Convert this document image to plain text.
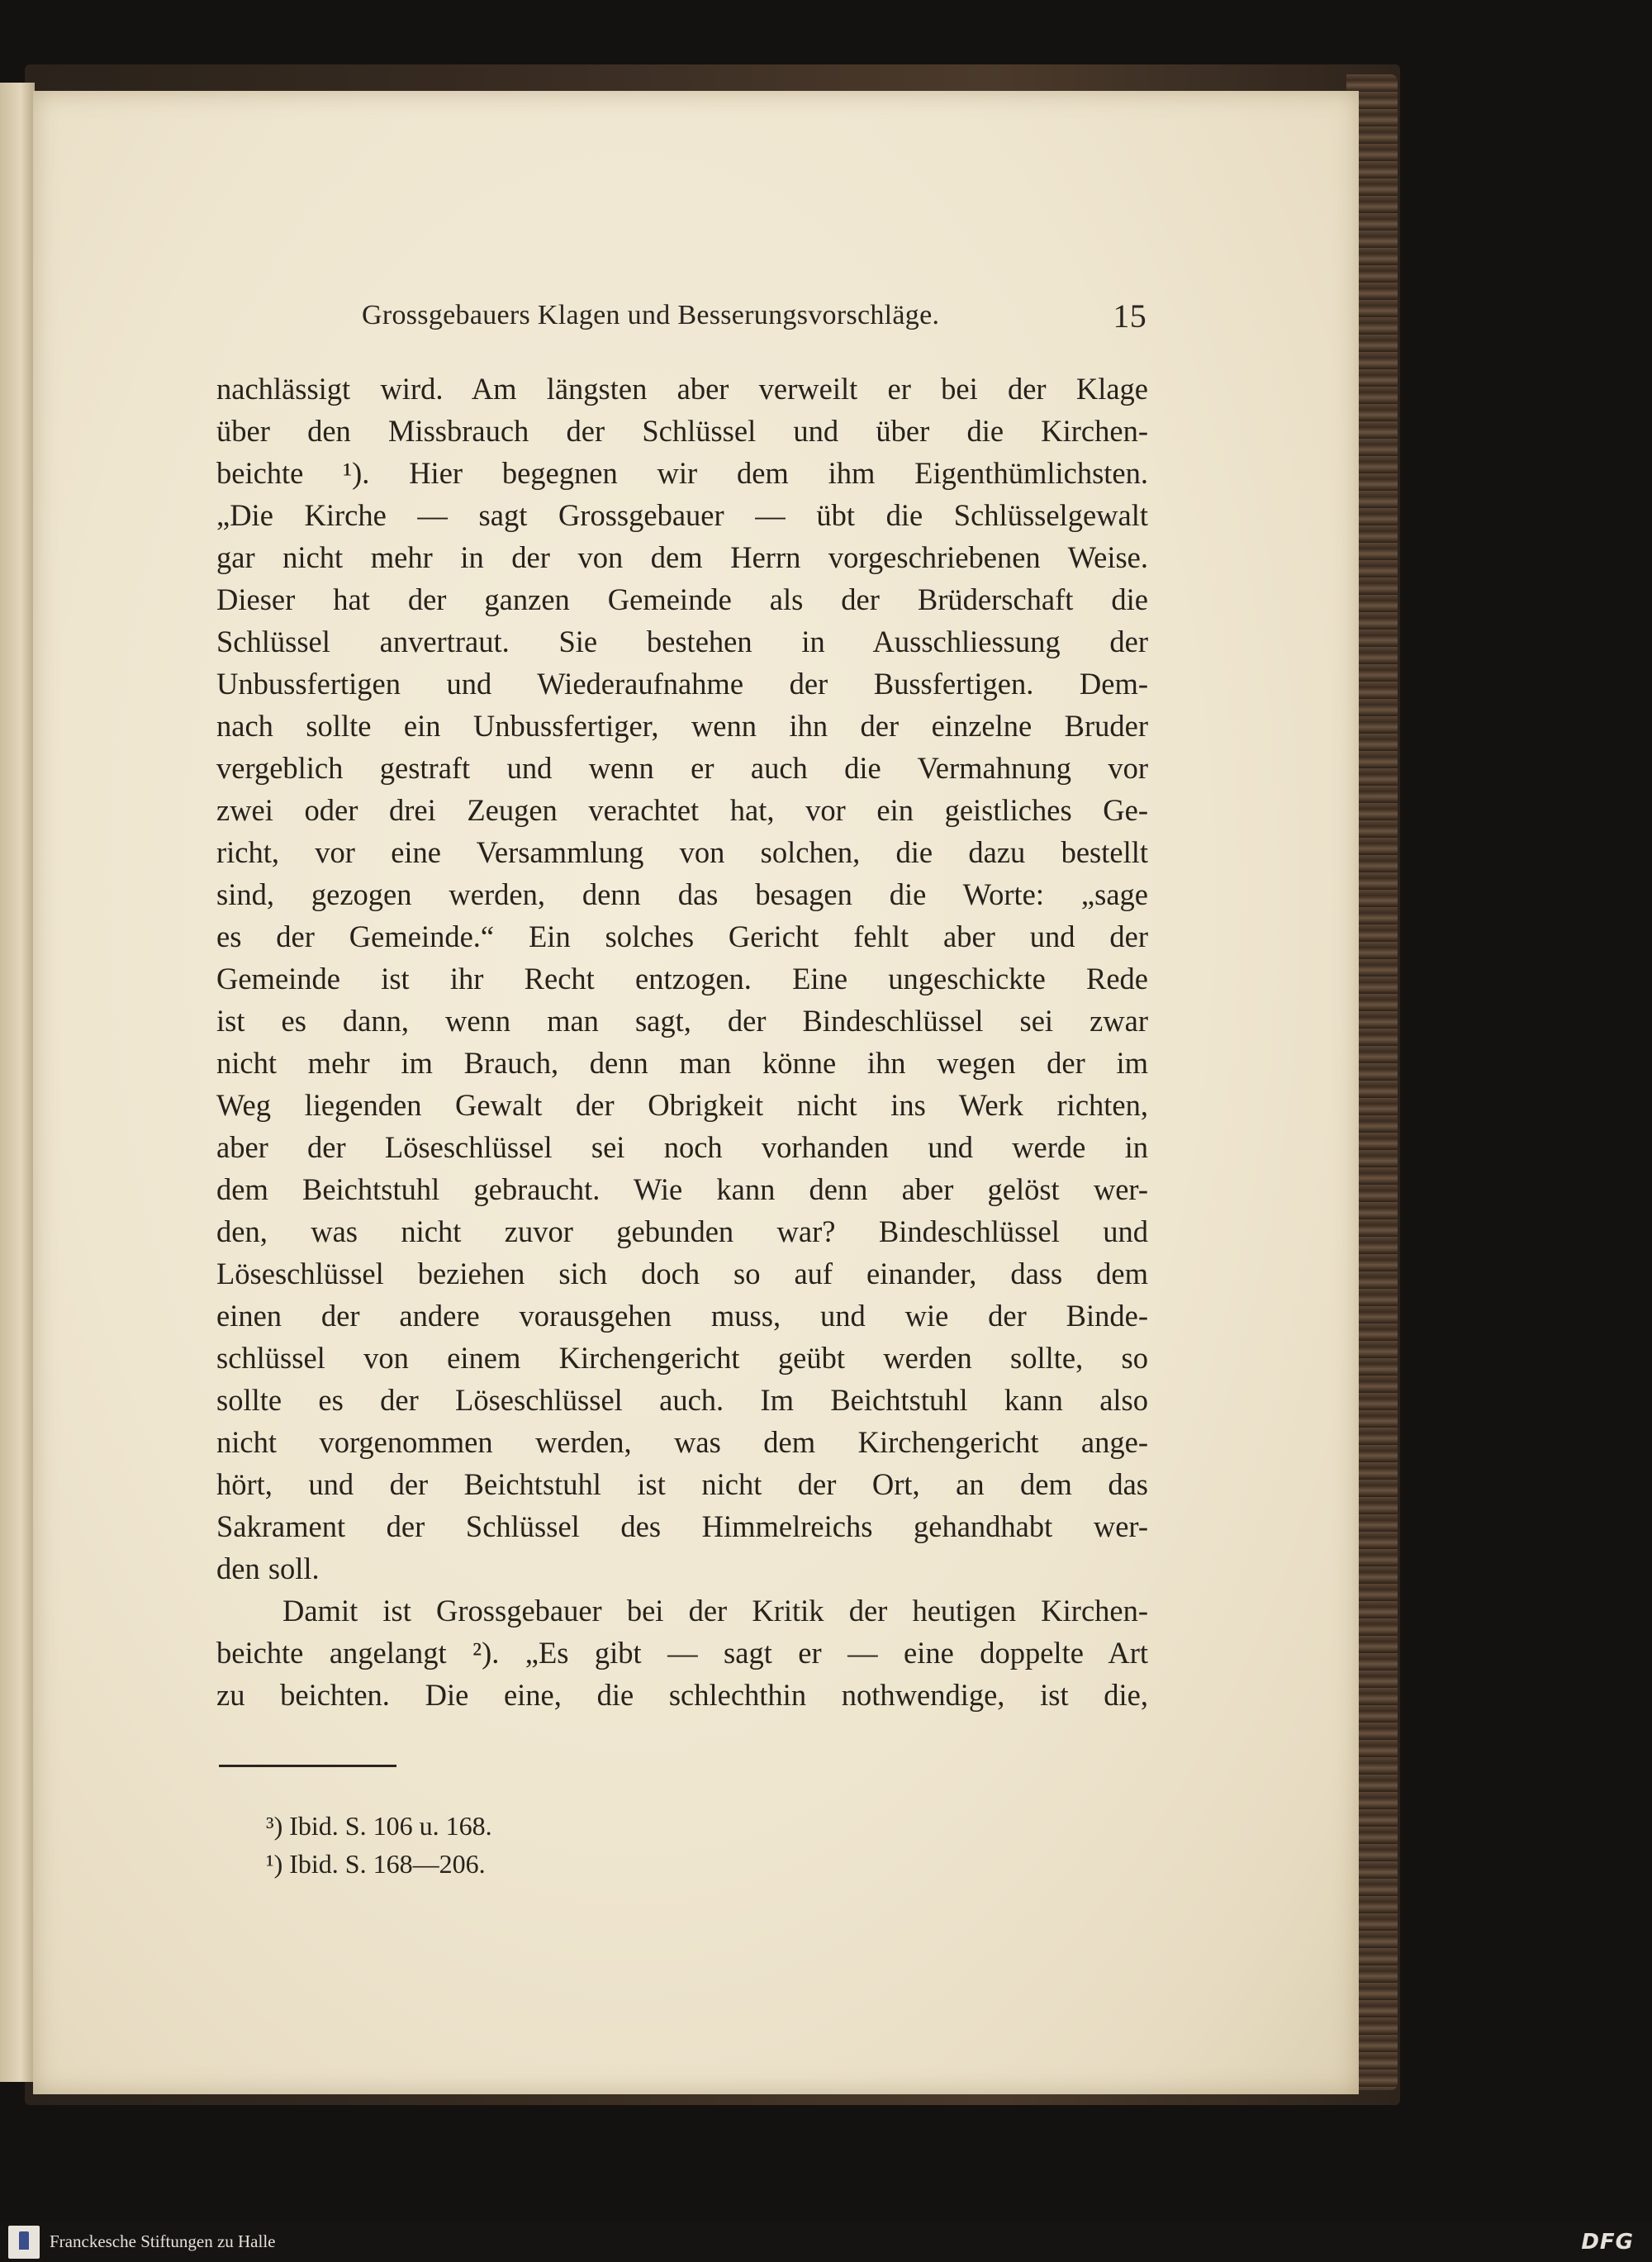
Grossgebauers Klagen und Besserungsvorschläge.	15
nachlässigt wird. Am längsten aber verweilt er bei der Klage
über den Missbrauch der Schlüssel und über die Kirchen-
beichte ¹). Hier begegnen wir dem ihm Eigenthümlichsten.
„Die Kirche — sagt Grossgebauer — übt die Schlüsselgewalt
gar nicht mehr in der von dem Herrn vorgeschriebenen Weise.
Dieser hat der ganzen Gemeinde als der Brüderschaft die
Schlüssel anvertraut. Sie bestehen in Ausschliessung der
Unbussfertigen und Wiederaufnahme der Bussfertigen. Dem-
nach sollte ein Unbussfertiger, wenn ihn der einzelne Bruder
vergeblich gestraft und wenn er auch die Vermahnung vor
zwei oder drei Zeugen verachtet hat, vor ein geistliches Ge-
richt, vor eine Versammlung von solchen, die dazu bestellt
sind, gezogen werden, denn das besagen die Worte: „sage
es der Gemeinde.“ Ein solches Gericht fehlt aber und der
Gemeinde ist ihr Recht entzogen. Eine ungeschickte Rede
ist es dann, wenn man sagt, der Bindeschlüssel sei zwar
nicht mehr im Brauch, denn man könne ihn wegen der im
Weg liegenden Gewalt der Obrigkeit nicht ins Werk richten,
aber der Löseschlüssel sei noch vorhanden und werde in
dem Beichtstuhl gebraucht. Wie kann denn aber gelöst wer-
den, was nicht zuvor gebunden war? Bindeschlüssel und
Löseschlüssel beziehen sich doch so auf einander, dass dem
einen der andere vorausgehen muss, und wie der Binde-
schlüssel von einem Kirchengericht geübt werden sollte, so
sollte es der Löseschlüssel auch. Im Beichtstuhl kann also
nicht vorgenommen werden, was dem Kirchengericht ange-
hört, und der Beichtstuhl ist nicht der Ort, an dem das
Sakrament der Schlüssel des Himmelreichs gehandhabt wer-
den soll.
Damit ist Grossgebauer bei der Kritik der heutigen Kirchen-
beichte angelangt ²). „Es gibt — sagt er — eine doppelte Art
zu beichten. Die eine, die schlechthin nothwendige, ist die,
³) Ibid. S. 106 u. 168.
¹) Ibid. S. 168—206.
Franckesche Stiftungen zu Halle	DFG
